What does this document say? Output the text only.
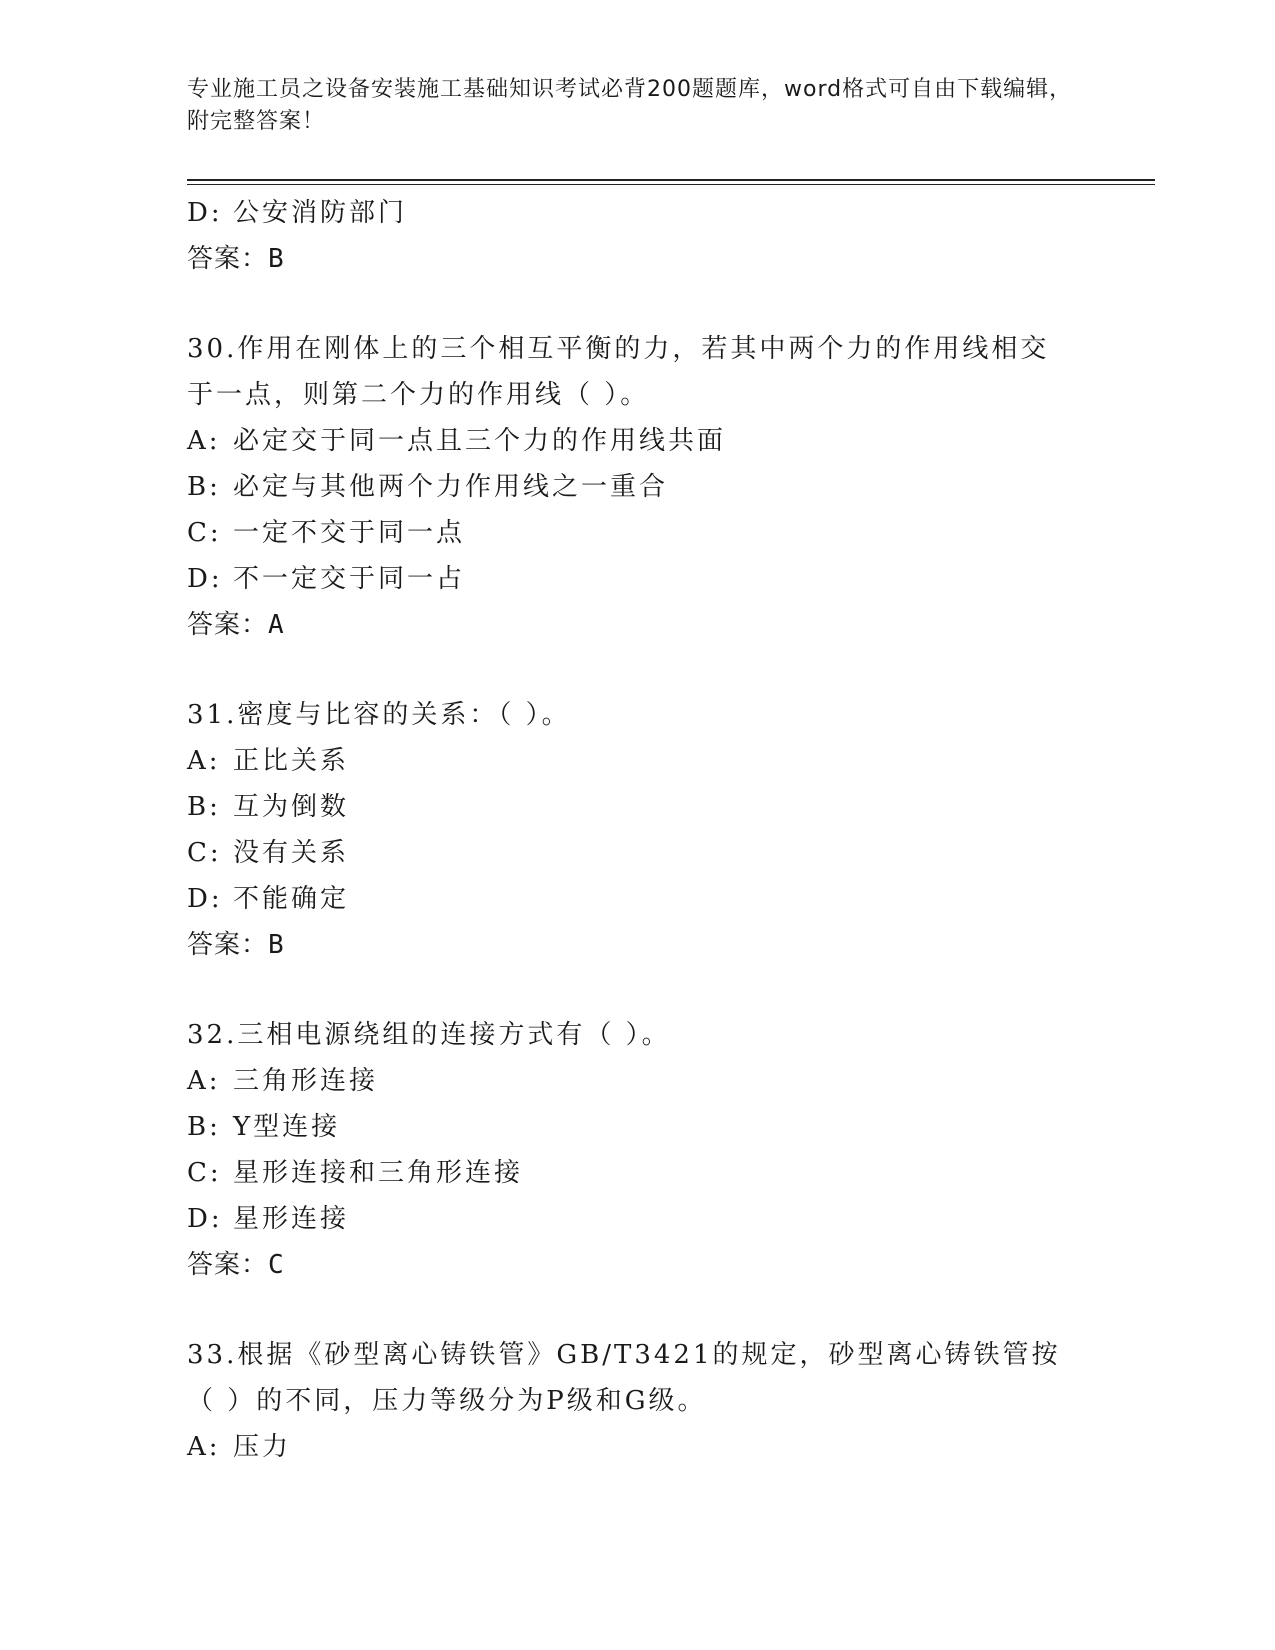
专业施工员之设备安装施工基础知识考试必背200题题库，word格式可自由下载编辑，附完整答案！
D: 公安消防部门
答案：B
30.作用在刚体上的三个相互平衡的力，若其中两个力的作用线相交于一点，则第二个力的作用线（ ）。
A: 必定交于同一点且三个力的作用线共面
B: 必定与其他两个力作用线之一重合
C: 一定不交于同一点
D: 不一定交于同一占
答案：A
31.密度与比容的关系：（ ）。
A: 正比关系
B: 互为倒数
C: 没有关系
D: 不能确定
答案：B
32.三相电源绕组的连接方式有（ ）。
A: 三角形连接
B: Y型连接
C: 星形连接和三角形连接
D: 星形连接
答案：C
33.根据《砂型离心铸铁管》GB/T3421的规定，砂型离心铸铁管按（ ）的不同，压力等级分为P级和G级。
A: 压力
